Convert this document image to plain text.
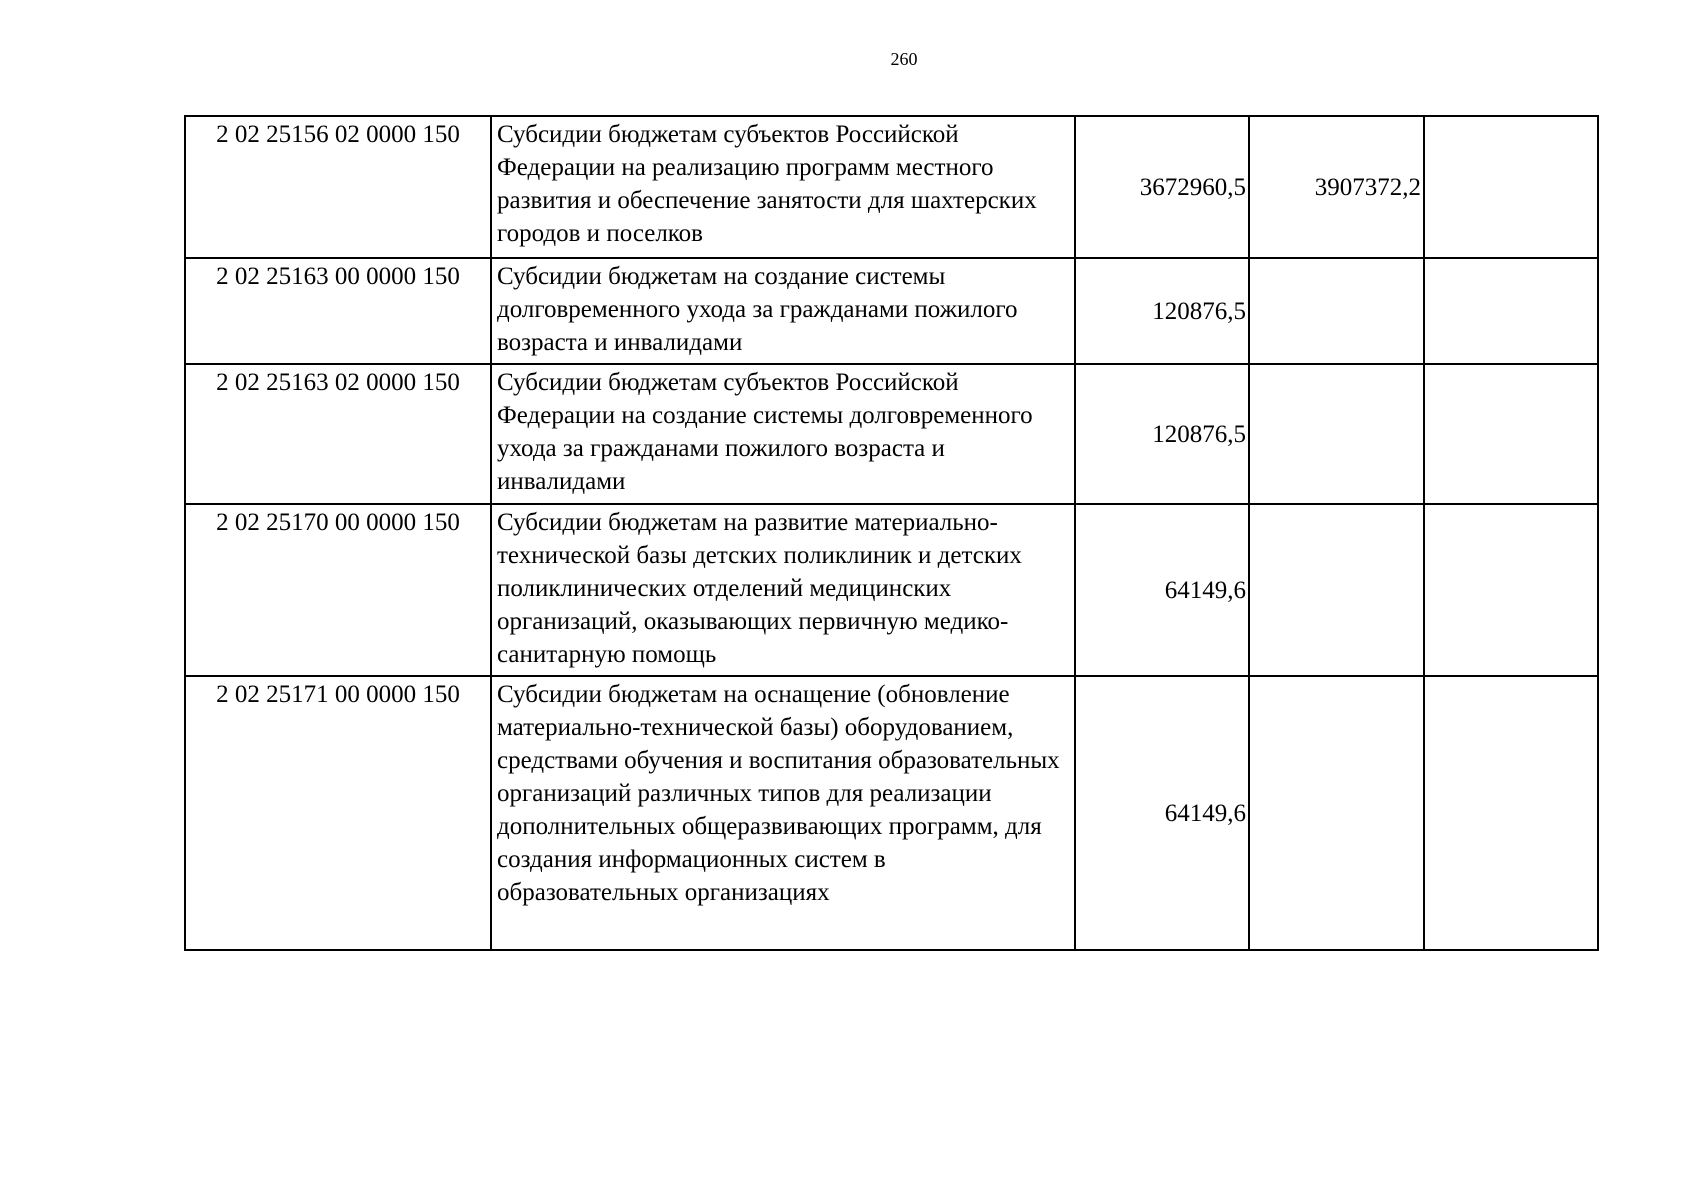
260
2 02 25156 02 0000 150	Субсидии бюджетам субъектов Российской Федерации на реализацию программ местного развития и обеспечение занятости для шахтерских городов и поселков	3672960,5	3907372,2	
2 02 25163 00 0000 150	Субсидии бюджетам на создание системы долговременного ухода за гражданами пожилого возраста и инвалидами	120876,5		
2 02 25163 02 0000 150	Субсидии бюджетам субъектов Российской Федерации на создание системы долговременного ухода за гражданами пожилого возраста и инвалидами	120876,5		
2 02 25170 00 0000 150	Субсидии бюджетам на развитие материально-технической базы детских поликлиник и детских поликлинических отделений медицинских организаций, оказывающих первичную медико-санитарную помощь	64149,6		
2 02 25171 00 0000 150	Субсидии бюджетам на оснащение (обновление материально-технической базы) оборудованием, средствами обучения и воспитания образовательных организаций различных типов для реализации дополнительных общеразвивающих программ, для создания информационных систем в образовательных организациях	64149,6		
